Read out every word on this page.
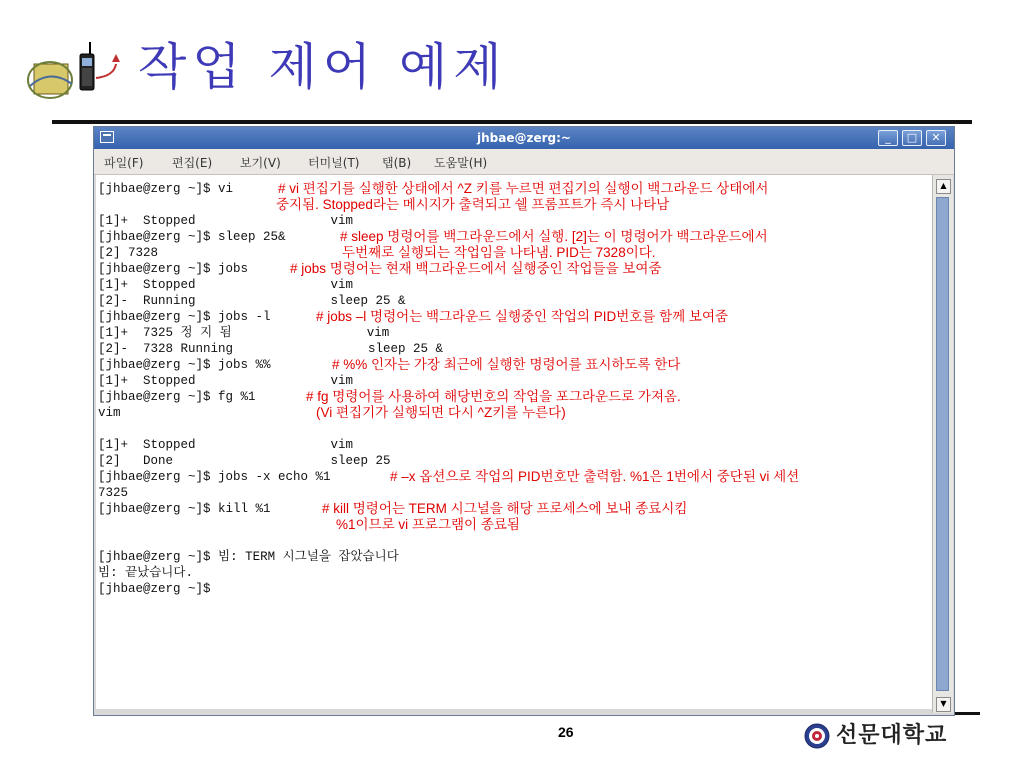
작업 제어 예제
jhbae@zerg:~	_	□	✕
파일(F) 편집(E) 보기(V) 터미널(T) 탭(B) 도움말(H)
[jhbae@zerg ~]$ vi
[1]+  Stopped                  vim
[jhbae@zerg ~]$ sleep 25&
[2] 7328
[jhbae@zerg ~]$ jobs
[1]+  Stopped                  vim
[2]-  Running                  sleep 25 &
[jhbae@zerg ~]$ jobs -l
[1]+  7325 정 지 됨                  vim
[2]-  7328 Running                  sleep 25 &
[jhbae@zerg ~]$ jobs %%
[1]+  Stopped                  vim
[jhbae@zerg ~]$ fg %1
vim
[1]+  Stopped                  vim
[2]   Done                     sleep 25
[jhbae@zerg ~]$ jobs -x echo %1
7325
[jhbae@zerg ~]$ kill %1
[jhbae@zerg ~]$ 빔: TERM 시그널을 잡았습니다
빔: 끝났습니다.
[jhbae@zerg ~]$
# vi 편집기를 실행한 상태에서 ^Z 키를 누르면 편집기의 실행이 백그라운드 상태에서
중지됨. Stopped라는 메시지가 출력되고 쉘 프롬프트가 즉시 나타남
# sleep 명령어를 백그라운드에서 실행. [2]는 이 명령어가 백그라운드에서
두번째로 실행되는 작업임을 나타냄. PID는 7328이다.
# jobs 명령어는 현재 백그라운드에서 실행중인 작업들을 보여줌
# jobs –l 명령어는 백그라운드 실행중인 작업의 PID번호를 함께 보여줌
# %% 인자는 가장 최근에 실행한 명령어를 표시하도록 한다
# fg 명령어를 사용하여 해당번호의 작업을 포그라운드로 가져옴.
(Vi 편집기가 실행되면 다시 ^Z키를 누른다)
# –x 옵션으로 작업의 PID번호만 출력함. %1은 1번에서 중단된 vi 세션
# kill 명령어는 TERM 시그널을 해당 프로세스에 보내 종료시킴
%1이므로 vi 프로그램이 종료됨
▲
▼
26	선문대학교
